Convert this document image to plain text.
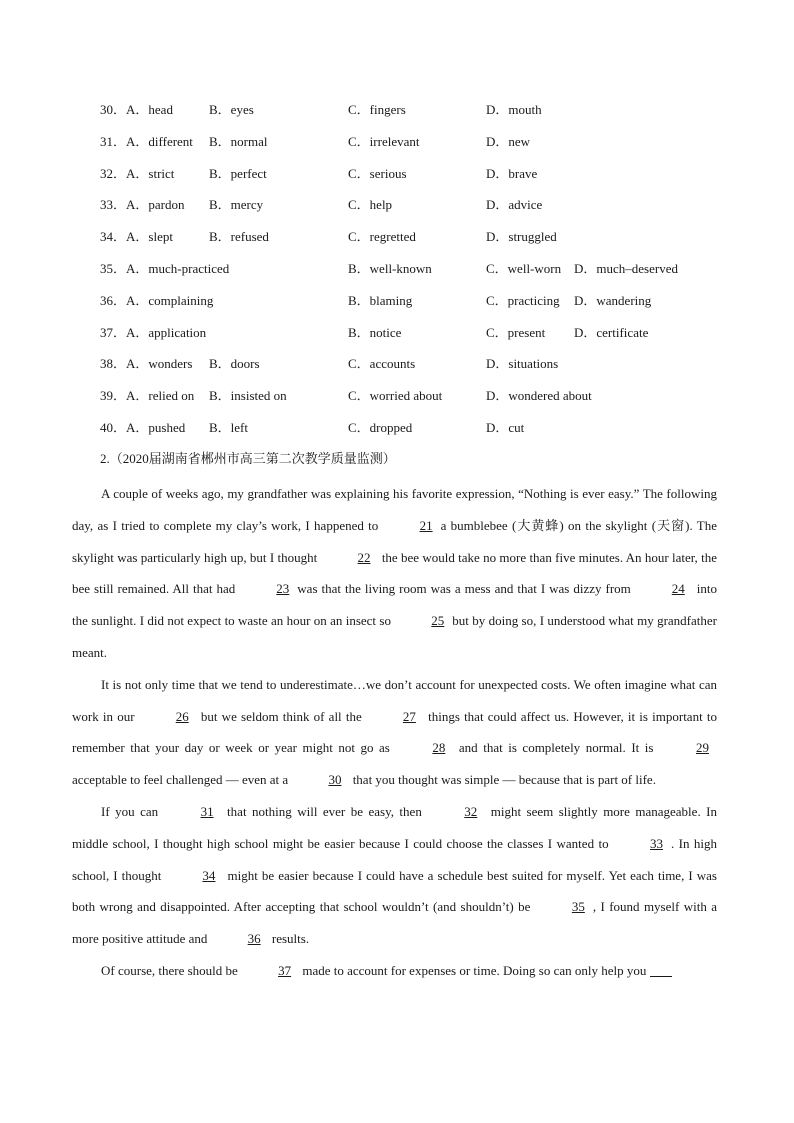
30．A．head	B．eyes	C．fingers	D．mouth
31．A．different B．normal	C．irrelevant	D．new
32．A．strict	B．perfect	C．serious	D．brave
33．A．pardon B．mercy	C．help	D．advice
34．A．slept	B．refused	C．regretted	D．struggled
35．A．much-practiced	B．well-known	C．well-worn D．much–deserved
36．A．complaining	B．blaming	C．practicing D．wandering
37．A．application	B．notice	C．present D．certificate
38．A．wonders B．doors	C．accounts	D．situations
39．A．relied on B．insisted on	C．worried about	D．wondered about
40．A．pushed B．left	C．dropped	D．cut
2.（2020届湖南省郴州市高三第二次教学质量监测）

A couple of weeks ago, my grandfather was explaining his favorite expression, “Nothing is ever easy.” The following day, as I tried to complete my clay’s work, I happened to	21 a bumblebee (大黄蜂) on the skylight (天窗). The skylight was particularly high up, but I thought	22 the bee would take no more than five minutes. An hour later, the bee still remained. All that had	23 was that the living room was a mess and that I was dizzy from	24 into the sunlight. I did not expect to waste an hour on an insect so	25 but by doing so, I understood what my grandfather meant.

It is not only time that we tend to underestimate…we don’t account for unexpected costs. We often imagine what can work in our	26 but we seldom think of all the	27 things that could affect us. However, it is important to remember that your day or week or year might not go as	28 and that is completely normal. It is	29 acceptable to feel challenged — even at a	30 that you thought was simple — because that is part of life.

If you can	31 that nothing will ever be easy, then	32 might seem slightly more manageable. In middle school, I thought high school might be easier because I could choose the classes I wanted to	33 . In high school, I thought	34 might be easier because I could have a schedule best suited for myself. Yet each time, I was both wrong and disappointed. After accepting that school wouldn’t (and shouldn’t) be	35 , I found myself with a more positive attitude and	36 results.

Of course, there should be	37 made to account for expenses or time. Doing so can only help you
